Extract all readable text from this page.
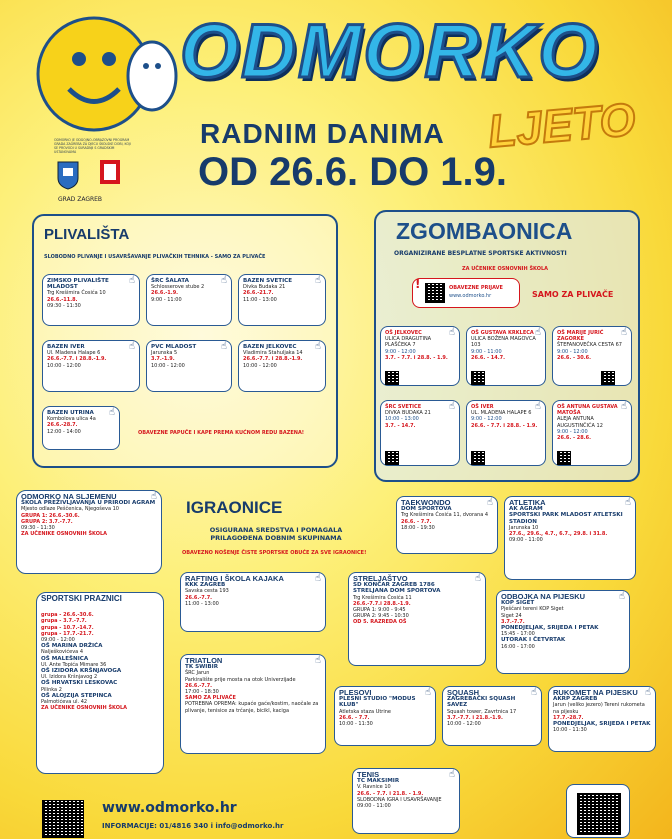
ODMORKO JE ODGOJNO-OBRAZOVNI PROGRAM GRADA ZAGREBA ZA DJECU ŠKOLSKE DOBI, KOJI SE PROVODI U SURADNJI S GRADSKIM USTANOVAMA
GRAD ZAGREB
ODMORKO
LJETO
RADNIM DANIMA
OD 26.6. DO 1.9.
PLIVALIŠTA
SLOBODNO PLIVANJE I USAVRŠAVANJE PLIVAČKIH TEHNIKA - SAMO ZA PLIVAČE
☝
ZIMSKO PLIVALIŠTE MLADOST
Trg Krešimira Ćosića 10
26.6.-11.8.
09:30 - 11:30
☝
ŠRC ŠALATA
Schlosserove stube 2
26.6.-1.9.
9:00 - 11:00
☝
BAZEN SVETICE
Divka Budaka 21
26.6.-21.7.
11:00 - 13:00
☝
BAZEN IVER
Ul. Mladena Halape 6
26.6.-7.7. i 28.8.-1.9.
10:00 - 12:00
☝
PVC MLADOST
Jarunska 5
3.7.-1.9.
10:00 - 12:00
☝
BAZEN JELKOVEC
Vladimira Stahuljaka 14
26.6.-7.7. i 28.8.-1.9.
10:00 - 12:00
☝
BAZEN UTRINA
Kombolova ulica 4a
26.6.-28.7.
12:00 - 14:00	OBAVEZNE PAPUČE I KAPE PREMA KUĆNOM REDU BAZENA!
ZGOMBAONICA
ORGANIZIRANE BESPLATNE SPORTSKE AKTIVNOSTI
ZA UČENIKE OSNOVNIH ŠKOLA
!	OBAVEZNE PRIJAVE
www.odmorko.hr	SAMO ZA PLIVAČE
☝
OŠ JELKOVEC
ULICA DRAGUTINA PLAŠČEKA 7
9:00 - 12:00
3.7. - 7.7. i 28.8. - 1.9.
☝
OŠ GUSTAVA KRKLECA
ULICA BOŽENA MAGOVCA 103
9:00 - 11:00
26.6. - 14.7.
☝
OŠ MARIJE JURIĆ ZAGORKE
ŠTEFANOVEČKA CESTA 67
9:00 - 12:00
26.6. - 30.6.
☝
ŠRC SVETICE
DIVKA BUDAKA 21
10:00 - 13:00
3.7. - 14.7.
☝
OŠ IVER
UL. MLADENA HALAPE 6
9:00 - 12:00
26.6. - 7.7. i 28.8. - 1.9.
☝
OŠ ANTUNA GUSTAVA MATOŠA
ALEJA ANTUNA AUGUSTINČIĆA 12
9:00 - 12:00
26.6. - 28.6.
☝
ODMORKO NA SLJEMENU
ŠKOLA PREŽIVLJAVANJA U PRIRODI AGRAM
Mjesto odlaze Peščenica, Njegoševa 10
GRUPA 1: 26.6.-30.6.
GRUPA 2: 3.7.-7.7.
09:30 - 11:30
ZA UČENIKE OSNOVNIH ŠKOLA
SPORTSKI PRAZNICI
grupa - 26.6.-30.6.
grupa - 3.7.-7.7.
grupa - 10.7.-14.7.
grupa - 17.7.-21.7.
09:00 - 12:00
OŠ MARINA DRŽIĆA
Nalješkovićeva 4
OŠ MALEŠNICA
Ul. Ante Topića Mimare 36
OŠ IZIDORA KRŠNJAVOGA
Ul. Izidora Kršnjavog 2
OŠ HRVATSKI LESKOVAC
Pilinka 2
OŠ ALOJZIJA STEPINCA
Palmotićeva ul. 42
ZA UČENIKE OSNOVNIH ŠKOLA
IGRAONICE
OSIGURANA SREDSTVA I POMAGALA PRILAGOĐENA DOBNIM SKUPINAMA
OBAVEZNO NOŠENJE ČISTE SPORTSKE OBUĆE ZA SVE IGRAONICE!
☝
TAEKWONDO
DOM SPORTOVA
Trg Krešimira Ćosića 11, dvorana 4
26.6. - 7.7.
18:00 - 19:30
☝
ATLETIKA
AK AGRAM
SPORTSKI PARK MLADOST ATLETSKI STADION
Jarunska 10
27.6., 29.6., 4.7., 6.7., 29.8. i 31.8.
09:00 - 11:00
☝
RAFTING I ŠKOLA KAJAKA
KKK ZAGREB
Savska cesta 193
26.6.-7.7.
11:00 - 13:00
☝
STRELJAŠTVO
SD KONČAR ZAGREB 1786
STRELJANA DOM SPORTOVA
Trg Krešimira Ćosića 11
26.6.-7.7.i 28.8.-1.9.
GRUPA 1: 9:00 - 9:45
GRUPA 2: 9:45 - 10:30
OD 5. RAZREDA OŠ
☝
ODBOJKA NA PIJESKU
KOP SIGET
Pješčani tereni KOP Siget
Siget 24
3.7.-7.7.
PONEDJELJAK, SRIJEDA I PETAK
15:45 - 17:00
UTORAK I ČETVRTAK
16:00 - 17:00
☝
TRIATLON
TK SWIBIR
ŠRC Jarun
Parkiralište prije mosta na otok Univerzijade
26.6.-7.7.
17:00 - 18:30
SAMO ZA PLIVAČE
POTREBNA OPREMA: kupaće gaće/kostim, naočale za plivanje, tenisice za trčanje, bicikl, kaciga
☝
PLESOVI
PLESNI STUDIO "MODUS KLUB"
Atletska staza Utrine
26.6. - 7.7.
10:00 - 11:30
☝
SQUASH
ZAGREBAČKI SQUASH SAVEZ
Squash tower, Zavrtnica 17
3.7.-7.7. i 21.8.-1.9.
10:00 - 12:00
☝
RUKOMET NA PIJESKU
AKRP ZAGREB
Jarun (veliko jezero) Tereni rukometa na pijesku
17.7.-28.7.
PONEDJELJAK, SRIJEDA I PETAK
10:00 - 11:30
☝
TENIS
TC MAKSIMIR
V. Ravnice 10
26.6. - 7.7. i 21.8. - 1.9.
SLOBODNA IGRA I USAVRŠAVANJE
09:00 - 11:00
www.odmorko.hr
INFORMACIJE: 01/4816 340 i info@odmorko.hr
